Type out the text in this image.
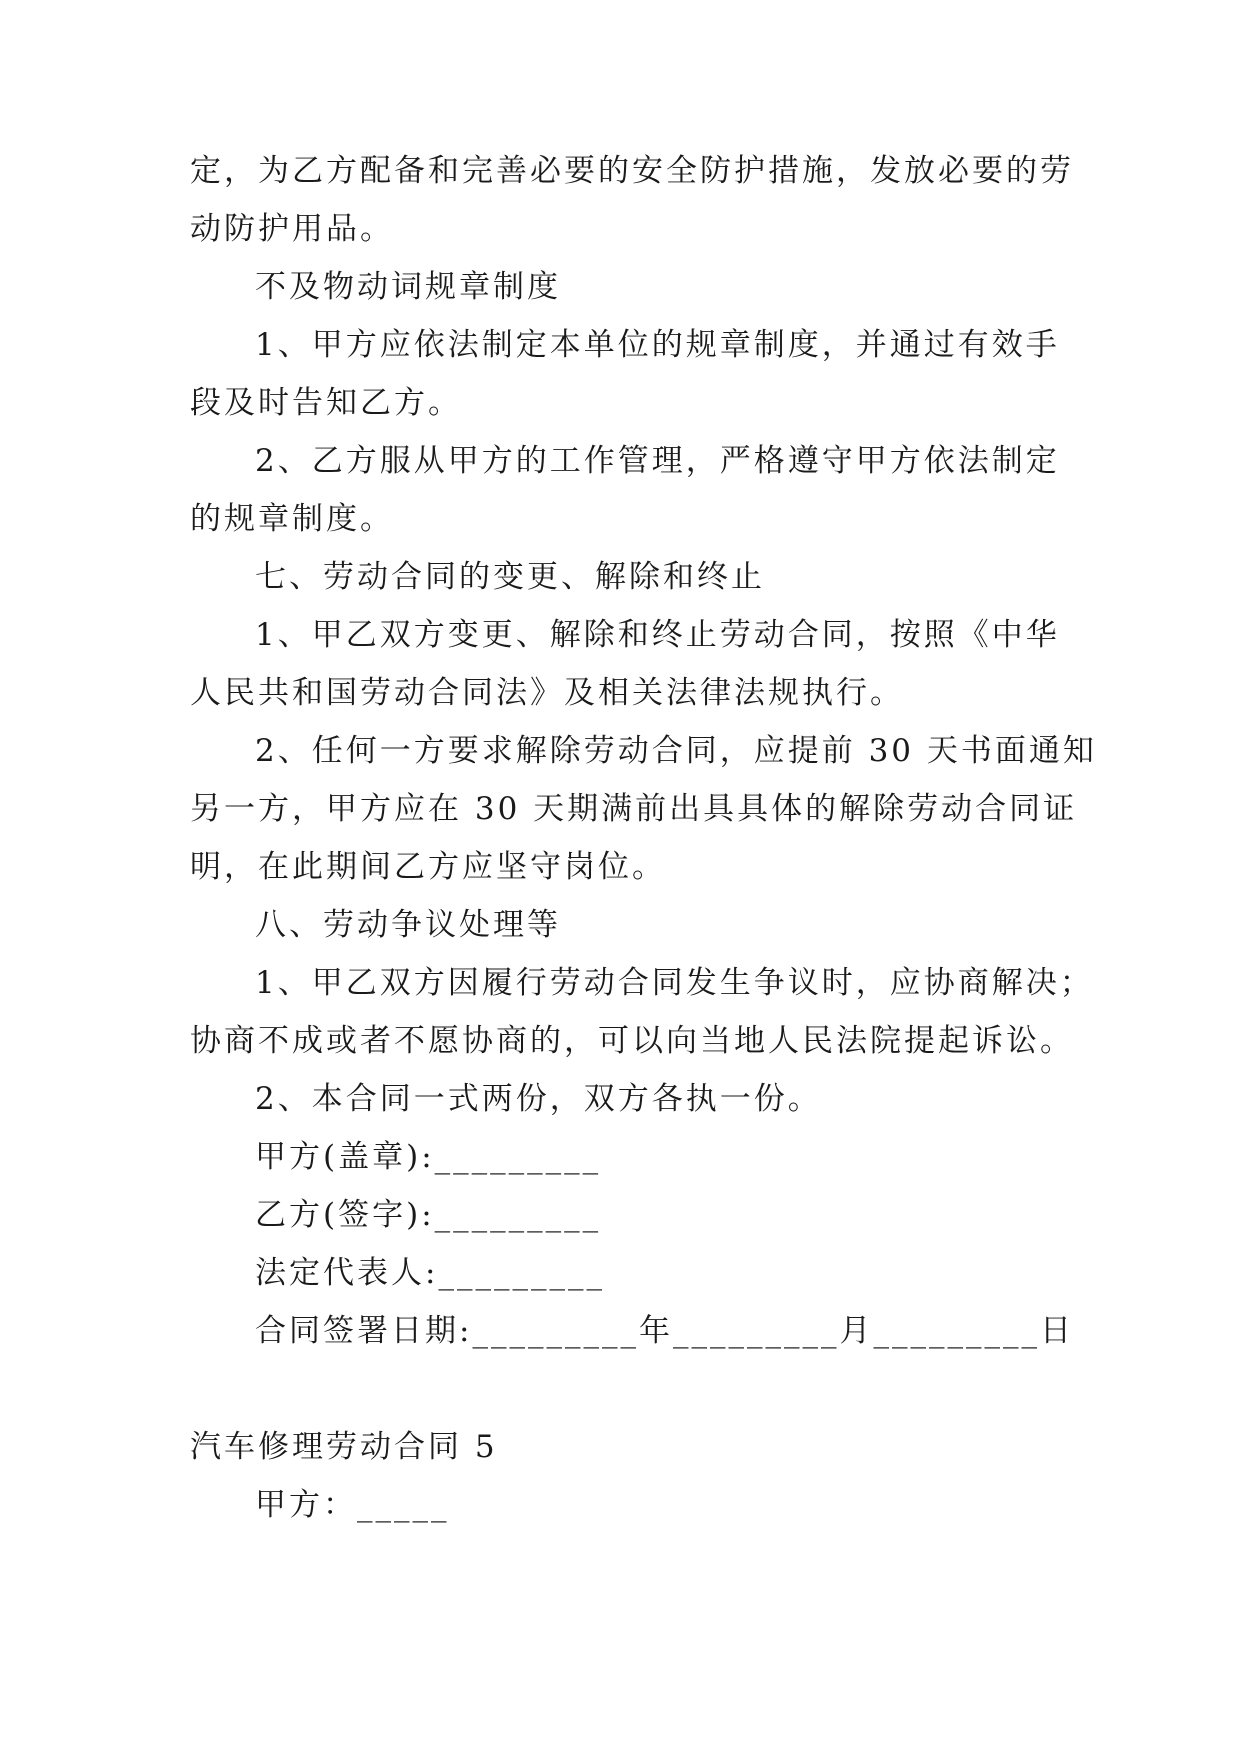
定，为乙方配备和完善必要的安全防护措施，发放必要的劳
动防护用品。
不及物动词规章制度
1、甲方应依法制定本单位的规章制度，并通过有效手
段及时告知乙方。
2、乙方服从甲方的工作管理，严格遵守甲方依法制定
的规章制度。
七、劳动合同的变更、解除和终止
1、甲乙双方变更、解除和终止劳动合同，按照《中华
人民共和国劳动合同法》及相关法律法规执行。
2、任何一方要求解除劳动合同，应提前 30 天书面通知
另一方，甲方应在 30 天期满前出具具体的解除劳动合同证
明，在此期间乙方应坚守岗位。
八、劳动争议处理等
1、甲乙双方因履行劳动合同发生争议时，应协商解决；
协商不成或者不愿协商的，可以向当地人民法院提起诉讼。
2、本合同一式两份，双方各执一份。
甲方(盖章):_________
乙方(签字):_________
法定代表人:_________
合同签署日期:_________年_________月_________日
汽车修理劳动合同 5
甲方：_____
